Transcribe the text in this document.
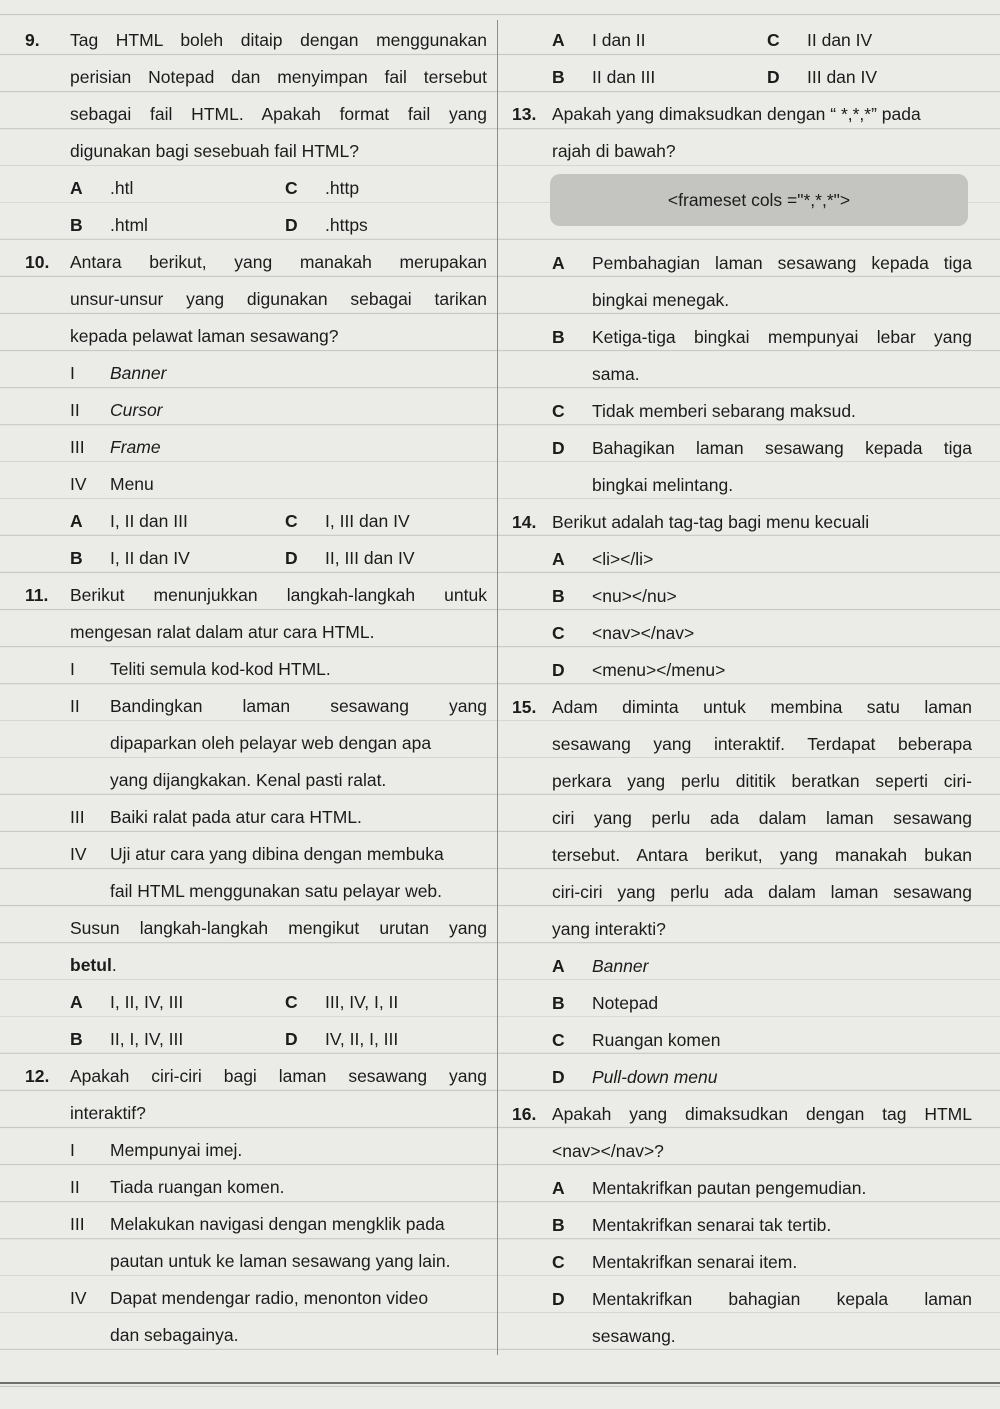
9. Tag HTML boleh ditaip dengan menggunakan
perisian Notepad dan menyimpan fail tersebut
sebagai fail HTML. Apakah format fail yang
digunakan bagi sesebuah fail HTML?
A .htl	C .http
B .html	D .https
10. Antara berikut, yang manakah merupakan
unsur-unsur yang digunakan sebagai tarikan
kepada pelawat laman sesawang?
I Banner
II Cursor
III Frame
IV Menu
A I, II dan III	C I, III dan IV
B I, II dan IV	D II, III dan IV
11. Berikut menunjukkan langkah-langkah untuk
mengesan ralat dalam atur cara HTML.
I Teliti semula kod-kod HTML.
II Bandingkan laman sesawang yang
dipaparkan oleh pelayar web dengan apa
yang dijangkakan. Kenal pasti ralat.
III Baiki ralat pada atur cara HTML.
IV Uji atur cara yang dibina dengan membuka
fail HTML menggunakan satu pelayar web.
Susun langkah-langkah mengikut urutan yang
betul.
A I, II, IV, III	C III, IV, I, II
B II, I, IV, III	D IV, II, I, III
12. Apakah ciri-ciri bagi laman sesawang yang
interaktif?
I Mempunyai imej.
II Tiada ruangan komen.
III Melakukan navigasi dengan mengklik pada
pautan untuk ke laman sesawang yang lain.
IV Dapat mendengar radio, menonton video
dan sebagainya.
A I dan II	C II dan IV
B II dan III	D III dan IV
13. Apakah yang dimaksudkan dengan “ *,*,*” pada
rajah di bawah?
<frameset cols ="*,*,*">
A Pembahagian laman sesawang kepada tiga
bingkai menegak.
B Ketiga-tiga bingkai mempunyai lebar yang
sama.
C Tidak memberi sebarang maksud.
D Bahagikan laman sesawang kepada tiga
bingkai melintang.
14. Berikut adalah tag-tag bagi menu kecuali
A <li></li>
B <nu></nu>
C <nav></nav>
D <menu></menu>
15. Adam diminta untuk membina satu laman
sesawang yang interaktif. Terdapat beberapa
perkara yang perlu dititik beratkan seperti ciri-
ciri yang perlu ada dalam laman sesawang
tersebut. Antara berikut, yang manakah bukan
ciri-ciri yang perlu ada dalam laman sesawang
yang interakti?
A Banner
B Notepad
C Ruangan komen
D Pull-down menu
16. Apakah yang dimaksudkan dengan tag HTML
<nav></nav>?
A Mentakrifkan pautan pengemudian.
B Mentakrifkan senarai tak tertib.
C Mentakrifkan senarai item.
D Mentakrifkan bahagian kepala laman
sesawang.
